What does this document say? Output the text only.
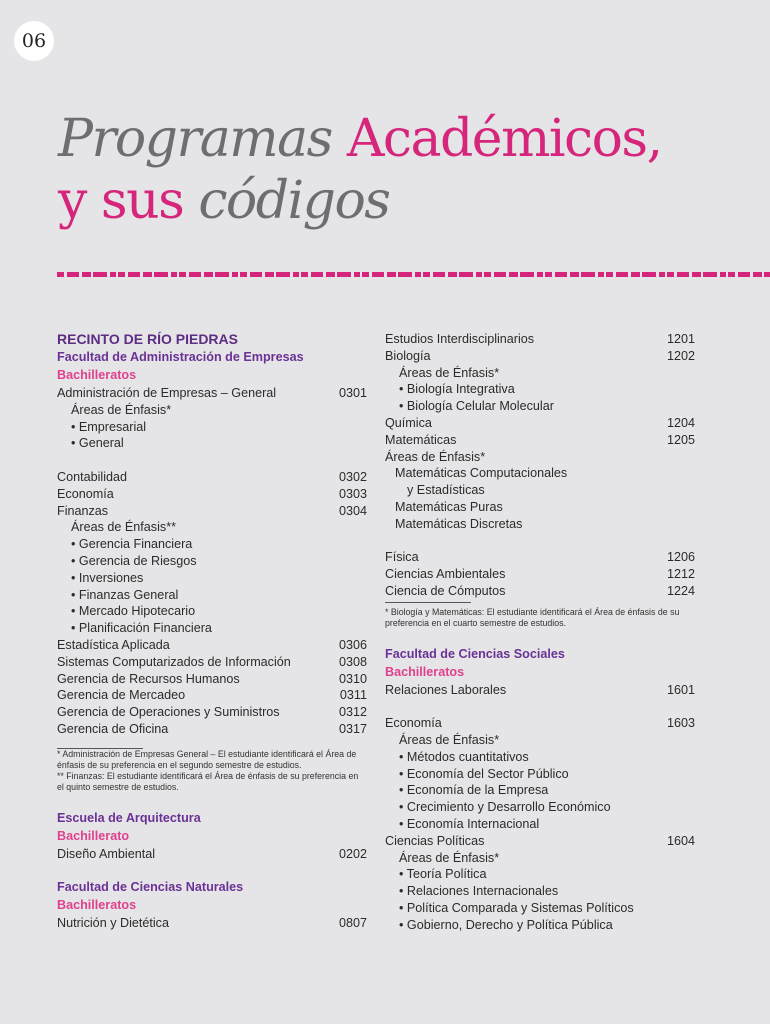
06
Programas Académicos,
y sus códigos
RECINTO DE RÍO PIEDRAS
Facultad de Administración de Empresas
Bachilleratos
Administración de Empresas – General	0301
Áreas de Énfasis*
• Empresarial
• General
Contabilidad	0302
Economía	0303
Finanzas	0304
Áreas de Énfasis**
• Gerencia Financiera
• Gerencia de Riesgos
• Inversiones
• Finanzas General
• Mercado Hipotecario
• Planificación Financiera
Estadística Aplicada	0306
Sistemas Computarizados de Información	0308
Gerencia de Recursos Humanos	0310
Gerencia de Mercadeo	0311
Gerencia de Operaciones y Suministros	0312
Gerencia de Oficina	0317
* Administración de Empresas General – El estudiante identificará el Área de énfasis de su preferencia en el segundo semestre de estudios.
** Finanzas: El estudiante identificará el Área de énfasis de su preferencia en el quinto semestre de estudios.
Escuela de Arquitectura
Bachillerato
Diseño Ambiental	0202
Facultad de Ciencias Naturales
Bachilleratos
Nutrición y Dietética	0807
Estudios Interdisciplinarios	1201
Biología	1202
Áreas de Énfasis*
• Biología Integrativa
• Biología Celular Molecular
Química	1204
Matemáticas	1205
Áreas de Énfasis*
Matemáticas Computacionales
y Estadísticas
Matemáticas Puras
Matemáticas Discretas
Física	1206
Ciencias Ambientales	1212
Ciencia de Cómputos	1224
* Biología y Matemáticas: El estudiante identificará el Área de énfasis de su preferencia en el cuarto semestre de estudios.
Facultad de Ciencias Sociales
Bachilleratos
Relaciones Laborales	1601
Economía	1603
Áreas de Énfasis*
• Métodos cuantitativos
• Economía del Sector Público
• Economía de la Empresa
• Crecimiento y Desarrollo Económico
• Economía Internacional
Ciencias Políticas	1604
Áreas de Énfasis*
• Teoría Política
• Relaciones Internacionales
• Política Comparada y Sistemas Políticos
• Gobierno, Derecho y Política Pública
